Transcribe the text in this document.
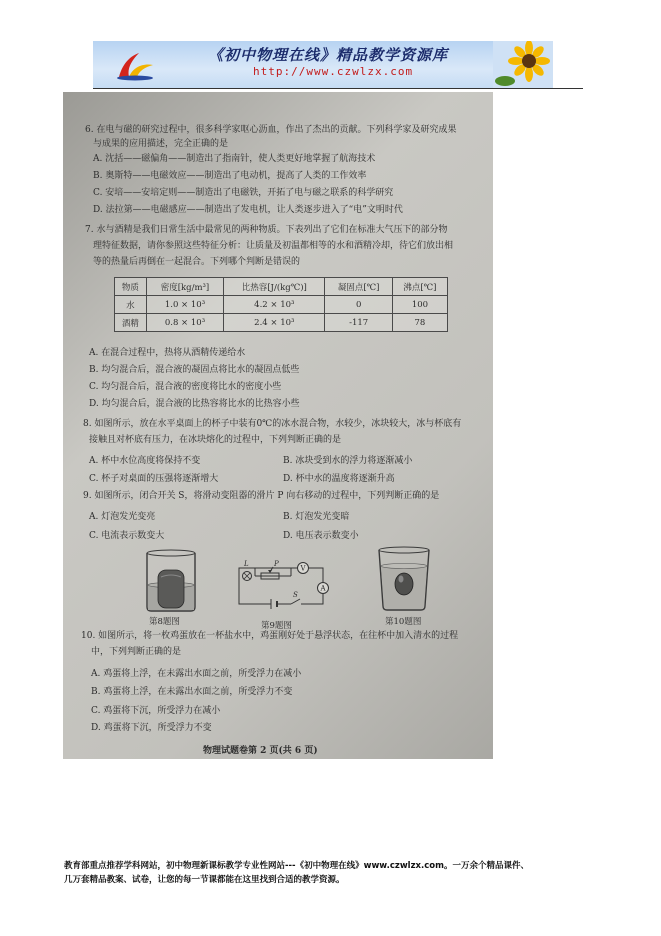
《初中物理在线》精品教学资源库
http://www.czwlzx.com
6. 在电与磁的研究过程中，很多科学家呕心沥血，作出了杰出的贡献。下列科学家及研究成果
与成果的应用描述，完全正确的是
A. 沈括——磁偏角——制造出了指南针，使人类更好地掌握了航海技术
B. 奥斯特——电磁效应——制造出了电动机，提高了人类的工作效率
C. 安培——安培定则——制造出了电磁铁，开拓了电与磁之联系的科学研究
D. 法拉第——电磁感应——制造出了发电机，让人类逐步进入了“电”文明时代
7. 水与酒精是我们日常生活中最常见的两种物质。下表列出了它们在标准大气压下的部分物
理特征数据，请你参照这些特征分析：让质量及初温都相等的水和酒精冷却，待它们放出相
等的热量后再倒在一起混合。下列哪个判断是错误的
物质	密度[kg/m³]	比热容[J/(kg℃)]	凝固点[℃]	沸点[℃]
水	1.0 × 10³	4.2 × 10³	0	100
酒精	0.8 × 10³	2.4 × 10³	-117	78
A. 在混合过程中，热将从酒精传递给水
B. 均匀混合后，混合液的凝固点将比水的凝固点低些
C. 均匀混合后，混合液的密度将比水的密度小些
D. 均匀混合后，混合液的比热容将比水的比热容小些
8. 如图所示，放在水平桌面上的杯子中装有0℃的冰水混合物，水较少，冰块较大，冰与杯底有
接触且对杯底有压力，在冰块熔化的过程中，下列判断正确的是
A. 杯中水位高度将保持不变	B. 冰块受到水的浮力将逐渐减小
C. 杯子对桌面的压强将逐渐增大	D. 杯中水的温度将逐渐升高
9. 如图所示，闭合开关 S，将滑动变阻器的滑片 P 向右移动的过程中，下列判断正确的是
A. 灯泡发光变亮	B. 灯泡发光变暗
C. 电流表示数变大	D. 电压表示数变小
第8题图
L	P
V
A
S
第9题图	第10题图
10. 如图所示，将一枚鸡蛋放在一杯盐水中，鸡蛋刚好处于悬浮状态，在往杯中加入清水的过程
中，下列判断正确的是
A. 鸡蛋将上浮，在未露出水面之前，所受浮力在减小
B. 鸡蛋将上浮，在未露出水面之前，所受浮力不变
C. 鸡蛋将下沉，所受浮力在减小
D. 鸡蛋将下沉，所受浮力不变
物理试题卷第 2 页(共 6 页)
教育部重点推荐学科网站，初中物理新课标教学专业性网站---《初中物理在线》www.czwlzx.com。一万余个精品课件、
几万套精品教案、试卷，让您的每一节课都能在这里找到合适的教学资源。
